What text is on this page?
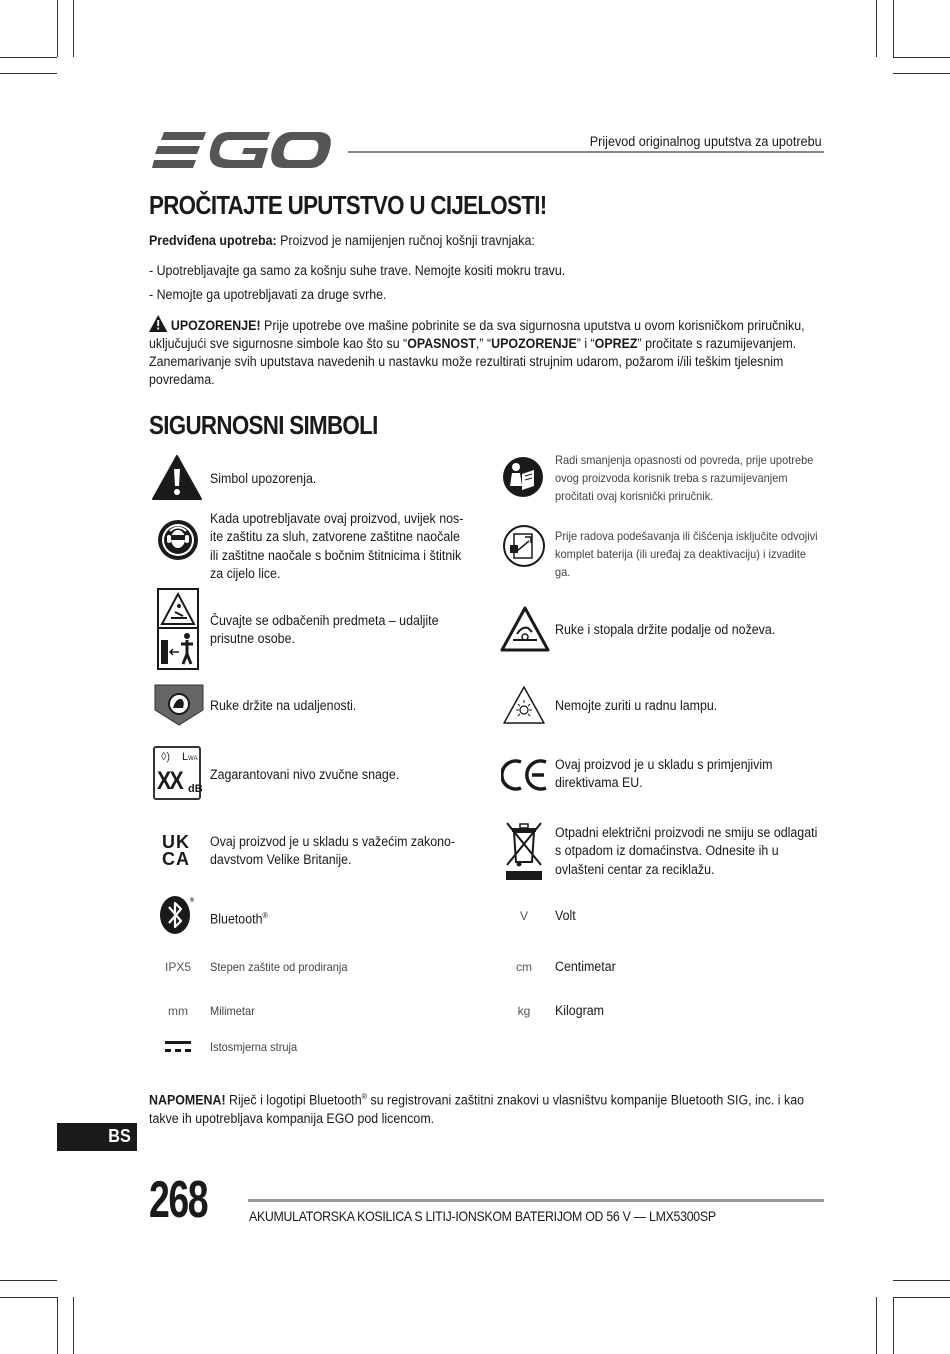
Prijevod originalnog uputstva za upotrebu
PROČITAJTE UPUTSTVO U CIJELOSTI!
Predviđena upotreba: Proizvod je namijenjen ručnoj košnji travnjaka:
- Upotrebljavajte ga samo za košnju suhe trave. Nemojte kositi mokru travu.
- Nemojte ga upotrebljavati za druge svrhe.
UPOZORENJE! Prije upotrebe ove mašine pobrinite se da sva sigurnosna uputstva u ovom korisničkom priručniku, uključujući sve sigurnosne simbole kao što su “OPASNOST,” “UPOZORENJE” i “OPREZ” pročitate s razumijevanjem. Zanemarivanje svih uputstava navedenih u nastavku može rezultirati strujnim udarom, požarom i/ili teškim tjelesnim povredama.
SIGURNOSNI SIMBOLI
Simbol upozorenja.
Kada upotrebljavate ovaj proizvod, uvijek nos-ite zaštitu za sluh, zatvorene zaštitne naočale ili zaštitne naočale s bočnim štitnicima i štitnik za cijelo lice.
Čuvajte se odbačenih predmeta – udaljite prisutne osobe.
Ruke držite na udaljenosti.
◊) L WA
XX dB
Zagarantovani nivo zvučne snage.
UK
CA
Ovaj proizvod je u skladu s važećim zakono-davstvom Velike Britanije.
®
Bluetooth®
IPX5	Stepen zaštite od prodiranja
mm	Milimetar
Istosmjerna struja
Radi smanjenja opasnosti od povreda, prije upotrebe ovog proizvoda korisnik treba s razumijevanjem pročitati ovaj korisnički priručnik.
Prije radova podešavanja ili čišćenja isključite odvojivi komplet baterija (ili uređaj za deaktivaciju) i izvadite ga.
Ruke i stopala držite podalje od noževa.
Nemojte zuriti u radnu lampu.
Ovaj proizvod je u skladu s primjenjivim direktivama EU.
Otpadni električni proizvodi ne smiju se odlagati s otpadom iz domaćinstva. Odnesite ih u ovlašteni centar za reciklažu.
V	Volt
cm	Centimetar
kg	Kilogram
NAPOMENA! Riječ i logotipi Bluetooth® su registrovani zaštitni znakovi u vlasništvu kompanije Bluetooth SIG, inc. i kao takve ih upotrebljava kompanija EGO pod licencom.
BS
268	AKUMULATORSKA KOSILICA S LITIJ-IONSKOM BATERIJOM OD 56 V — LMX5300SP
